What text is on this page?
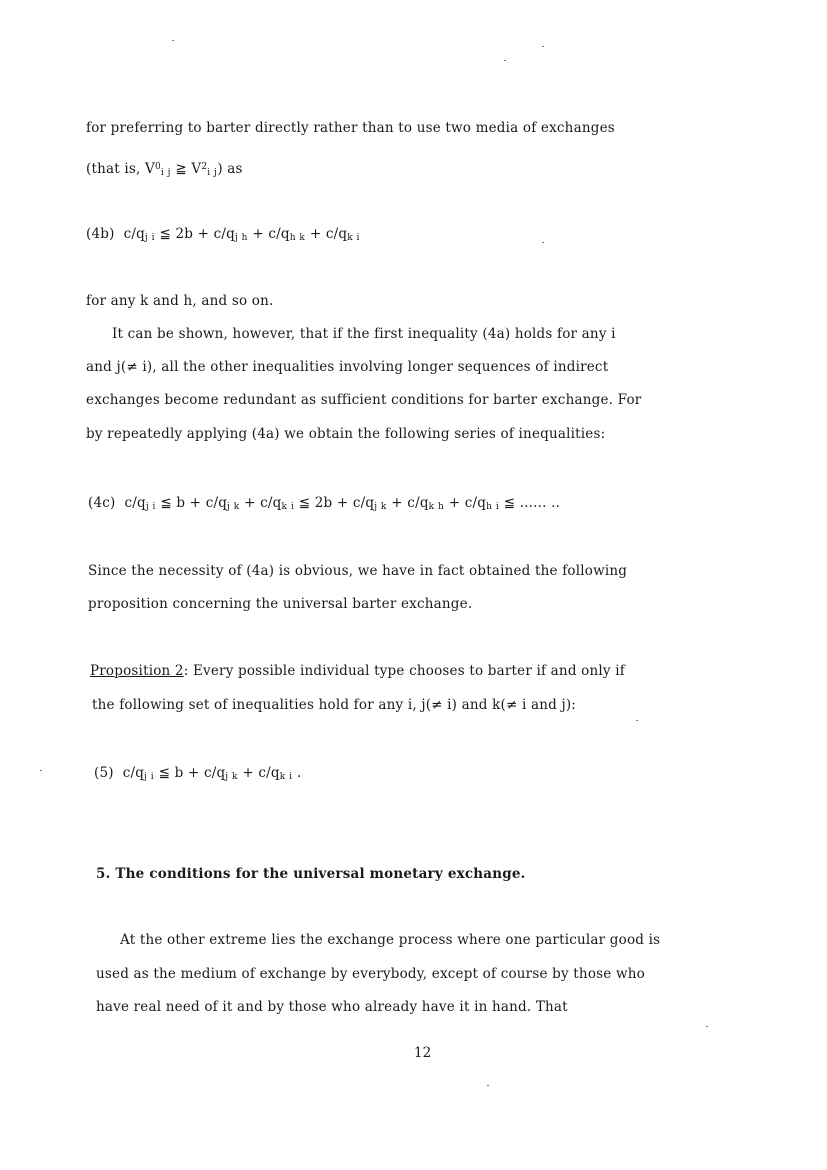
for preferring to barter directly rather than to use two media of exchanges
(that is, $V^0_{i j}$ ≧ $V^2_{i j}$) as
(4b) $c/q_{j i}$ ≦ $2b + c/q_{j h} + c/q_{h k} + c/q_{k i}$
for any k and h, and so on.
It can be shown, however, that if the first inequality (4a) holds for any i
and j(≠ i), all the other inequalities involving longer sequences of indirect
exchanges become redundant as sufficient conditions for barter exchange. For
by repeatedly applying (4a) we obtain the following series of inequalities:
(4c) $c/q_{j i}$ ≦ $b + c/q_{j k} + c/q_{k i}$ ≦ $2b + c/q_{j k} + c/q_{k h} + c/q_{h i}$ ≦ ...... ..
Since the necessity of (4a) is obvious, we have in fact obtained the following
proposition concerning the universal barter exchange.
Proposition 2: Every possible individual type chooses to barter if and only if
the following set of inequalities hold for any i, j(≠ i) and k(≠ i and j):
(5) $c/q_{j i}$ ≦ $b + c/q_{j k} + c/q_{k i}$ .
5. The conditions for the universal monetary exchange.
At the other extreme lies the exchange process where one particular good is
used as the medium of exchange by everybody, except of course by those who
have real need of it and by those who already have it in hand. That
12
